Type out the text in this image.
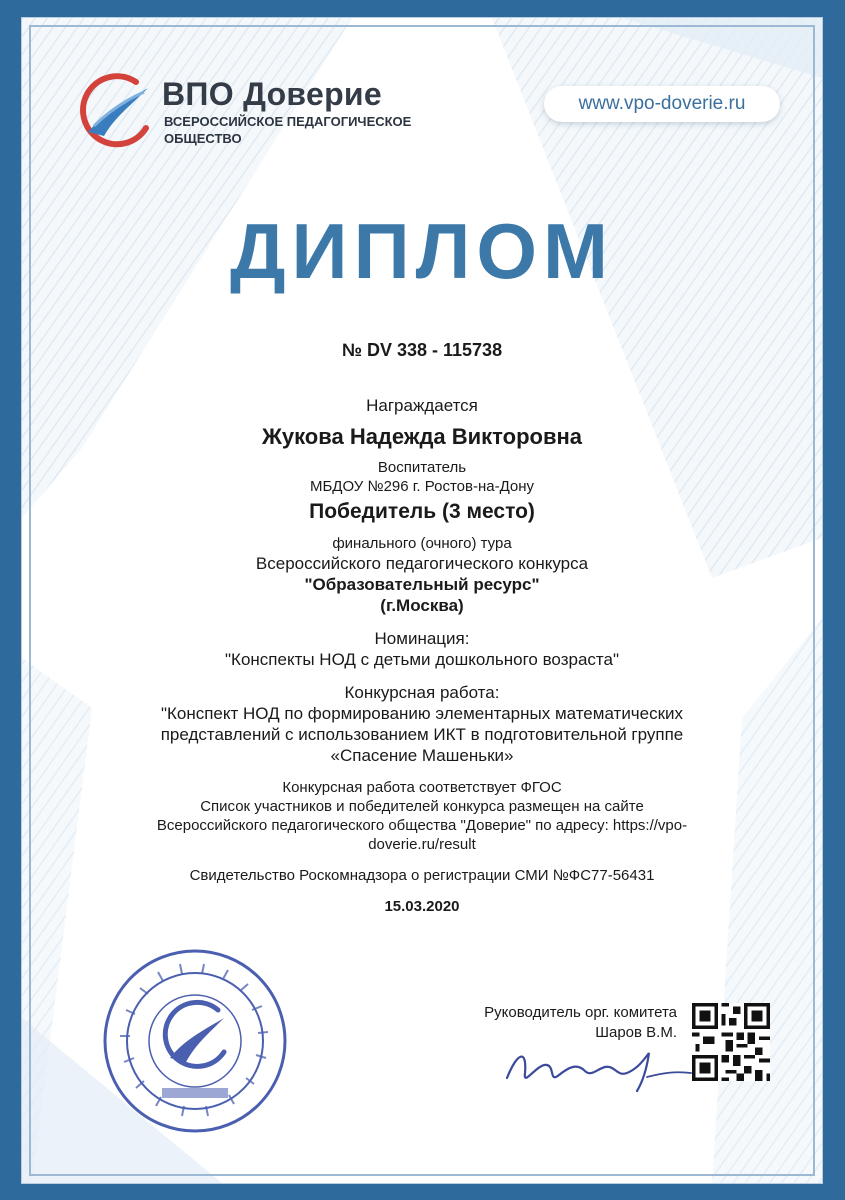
ВПО Доверие
ВСЕРОССИЙСКОЕ ПЕДАГОГИЧЕСКОЕ ОБЩЕСТВО
www.vpo-doverie.ru
ДИПЛОМ
№ DV 338 - 115738
Награждается
Жукова Надежда Викторовна
Воспитатель
МБДОУ №296 г. Ростов-на-Дону
Победитель (3 место)
финального (очного) тура
Всероссийского педагогического конкурса
"Образовательный ресурс"
(г.Москва)
Номинация:
"Конспекты НОД с детьми дошкольного возраста"
Конкурсная работа:
"Конспект НОД по формированию элементарных математических
представлений с использованием ИКТ в подготовительной группе
«Спасение Машеньки»
Конкурсная работа соответствует ФГОС
Список участников и победителей конкурса размещен на сайте
Всероссийского педагогического общества "Доверие" по адресу: https://vpo-
doverie.ru/result
Свидетельство Роскомнадзора о регистрации СМИ №ФС77-56431
15.03.2020
Руководитель орг. комитета
Шаров В.М.
